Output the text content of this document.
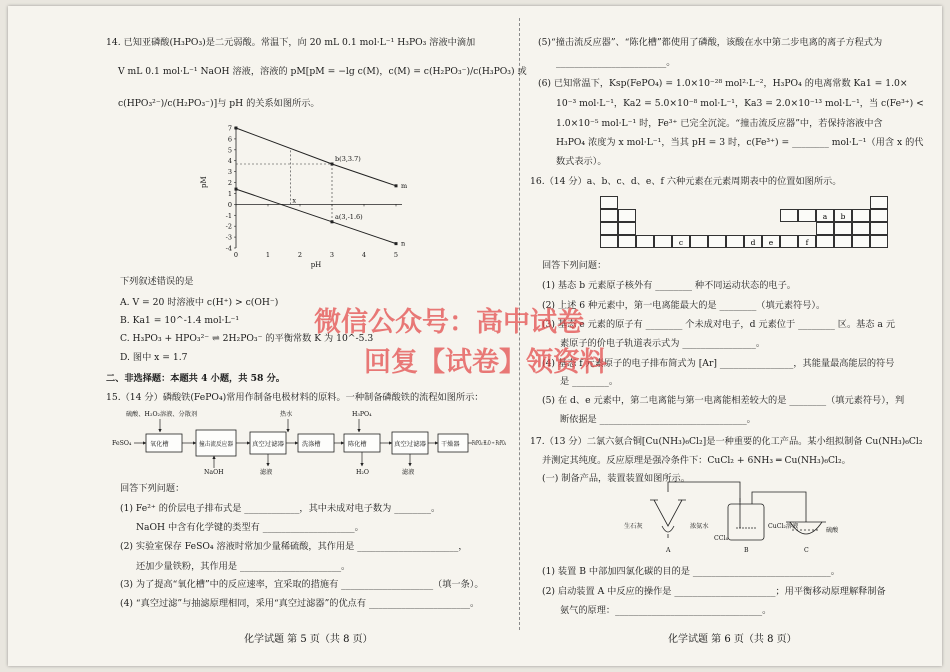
14. 已知亚磷酸(H₃PO₃)是二元弱酸。常温下，向 20 mL 0.1 mol·L⁻¹ H₃PO₃ 溶液中滴加
V mL 0.1 mol·L⁻¹ NaOH 溶液，溶液的 pM[pM = −lg c(M)，c(M) = c(H₂PO₃⁻)/c(H₃PO₃) 或
c(HPO₃²⁻)/c(H₂PO₃⁻)]与 pH 的关系如图所示。
7
6
5
4
3
2
1
0
-1
-2
-3
-4
0	1	2	3	4	5
pH
pM
b(3,3.7)
a(3,-1.6)
x
m
n
下列叙述错误的是
A. V = 20 时溶液中 c(H⁺) > c(OH⁻)
B. Ka1 = 10^-1.4 mol·L⁻¹
C. H₃PO₃ + HPO₃²⁻ ⇌ 2H₂PO₃⁻ 的平衡常数 K 为 10^-5.3
D. 图中 x = 1.7
二、非选择题：本题共 4 小题，共 58 分。
15.（14 分）磷酸铁(FePO₄)常用作制备电极材料的原料。一种制备磷酸铁的流程如图所示：
硫酸、H₂O₂溶液、分散剂	热水	H₃PO₄
FeSO₄	氧化槽	撞击流反应器	真空过滤器	洗涤槽	陈化槽	真空过滤器	干燥器 FePO₄·H₂O → FePO₄
NaOH	滤液	H₂O	滤液
回答下列问题：
(1) Fe²⁺ 的价层电子排布式是 ____________，其中未成对电子数为 ________。
NaOH 中含有化学键的类型有 ____________________。
(2) 实验室保存 FeSO₄ 溶液时常加少量稀硫酸，其作用是 ______________________，
还加少量铁粉，其作用是 ______________________。
(3) 为了提高“氧化槽”中的反应速率，宜采取的措施有 ____________________（填一条）。
(4) “真空过滤”与抽滤原理相同，采用“真空过滤器”的优点有 ______________________。
化学试题 第 5 页（共 8 页）
(5)“撞击流反应器”、“陈化槽”都使用了磷酸，该酸在水中第二步电离的离子方程式为
________________________。
(6) 已知常温下，Ksp(FePO₄) = 1.0×10⁻²⁸ mol²·L⁻²，H₃PO₄ 的电离常数 Ka1 = 1.0×
10⁻³ mol·L⁻¹，Ka2 = 5.0×10⁻⁸ mol·L⁻¹，Ka3 = 2.0×10⁻¹³ mol·L⁻¹，当 c(Fe³⁺) <
1.0×10⁻⁵ mol·L⁻¹ 时，Fe³⁺ 已完全沉淀。“撞击流反应器”中，若保持溶液中含
H₃PO₄ 浓度为 x mol·L⁻¹，当其 pH = 3 时，c(Fe³⁺) = ________ mol·L⁻¹（用含 x 的代
数式表示）。
16.（14 分）a、b、c、d、e、f 六种元素在元素周期表中的位置如图所示。
c	d	e	f
a	b
回答下列问题：
(1) 基态 b 元素原子核外有 ________ 种不同运动状态的电子。
(2) 上述 6 种元素中，第一电离能最大的是 ________（填元素符号）。
(3) 基态 e 元素的原子有 ________ 个未成对电子，d 元素位于 ________ 区。基态 a 元
素原子的价电子轨道表示式为 ________________。
(4) 基态 f 元素原子的电子排布简式为 [Ar] ________________，其能量最高能层的符号
是 ________。
(5) 在 d、e 元素中，第二电离能与第一电离能相差较大的是 ________（填元素符号），判
断依据是 ________________________________。
17.（13 分）二氯六氨合铜[Cu(NH₃)₆Cl₂]是一种重要的化工产品。某小组拟制备 Cu(NH₃)₆Cl₂
并测定其纯度。反应原理是强冷条件下：CuCl₂ + 6NH₃ ═ Cu(NH₃)₆Cl₂。
(一) 制备产品，装置装置如图所示。
生石灰	浓氨水
CCl₄
CuCl₂溶液
硫酸
A	B	C
(1) 装置 B 中部加四氯化碳的目的是 ______________________________。
(2) 启动装置 A 中反应的操作是 ______________________；用平衡移动原理解释制备
氨气的原理：________________________________。
化学试题 第 6 页（共 8 页）
微信公众号：高中试卷
回复【试卷】领资料
